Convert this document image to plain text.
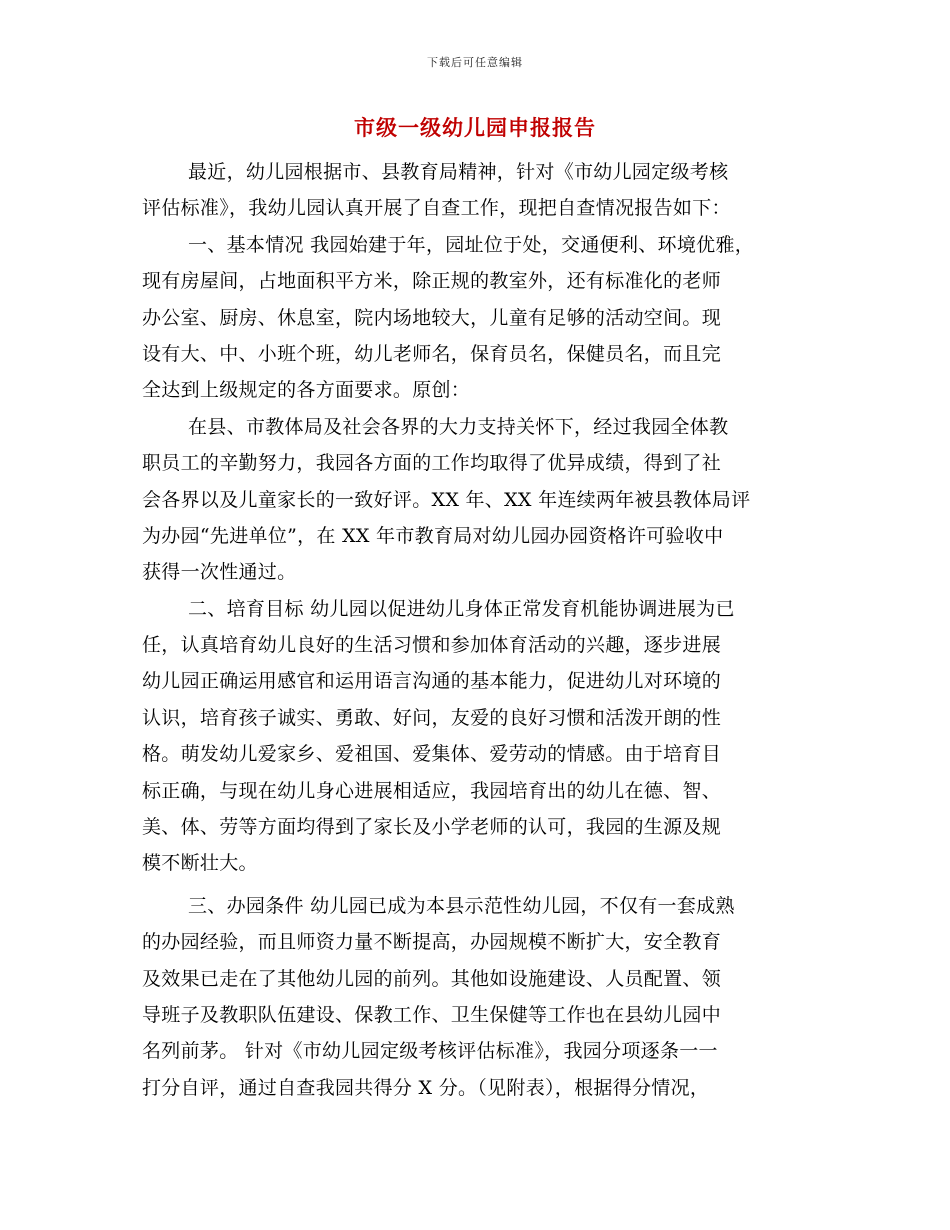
下载后可任意编辑
市级一级幼儿园申报报告
最近，幼儿园根据市、县教育局精神，针对《市幼儿园定级考核
评估标准》，我幼儿园认真开展了自查工作，现把自查情况报告如下：
一、基本情况 我园始建于年，园址位于处，交通便利、环境优雅，
现有房屋间，占地面积平方米，除正规的教室外，还有标准化的老师
办公室、厨房、休息室，院内场地较大，儿童有足够的活动空间。现
设有大、中、小班个班，幼儿老师名，保育员名，保健员名，而且完
全达到上级规定的各方面要求。原创：
在县、市教体局及社会各界的大力支持关怀下，经过我园全体教
职员工的辛勤努力，我园各方面的工作均取得了优异成绩，得到了社
会各界以及儿童家长的一致好评。XX 年、XX 年连续两年被县教体局评
为办园“先进单位”，在 XX 年市教育局对幼儿园办园资格许可验收中
获得一次性通过。
二、培育目标 幼儿园以促进幼儿身体正常发育机能协调进展为已
任，认真培育幼儿良好的生活习惯和参加体育活动的兴趣，逐步进展
幼儿园正确运用感官和运用语言沟通的基本能力，促进幼儿对环境的
认识，培育孩子诚实、勇敢、好问，友爱的良好习惯和活泼开朗的性
格。萌发幼儿爱家乡、爱祖国、爱集体、爱劳动的情感。由于培育目
标正确，与现在幼儿身心进展相适应，我园培育出的幼儿在德、智、
美、体、劳等方面均得到了家长及小学老师的认可，我园的生源及规
模不断壮大。
三、办园条件 幼儿园已成为本县示范性幼儿园，不仅有一套成熟
的办园经验，而且师资力量不断提高，办园规模不断扩大，安全教育
及效果已走在了其他幼儿园的前列。其他如设施建设、人员配置、领
导班子及教职队伍建设、保教工作、卫生保健等工作也在县幼儿园中
名列前茅。 针对《市幼儿园定级考核评估标准》，我园分项逐条一一
打分自评，通过自查我园共得分 X 分。（见附表），根据得分情况，
